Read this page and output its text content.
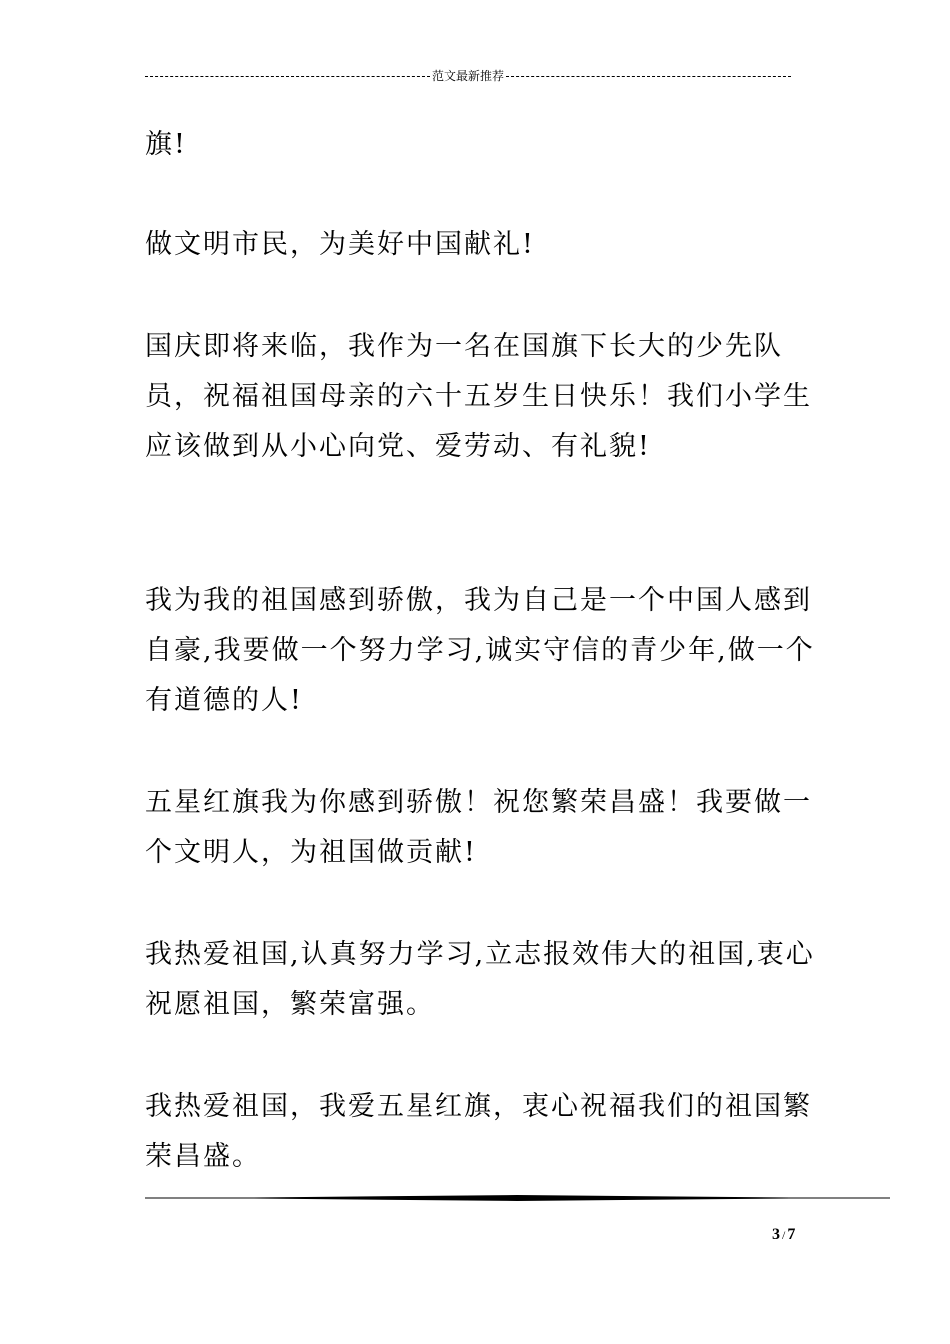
范文最新推荐

旗!

做文明市民，为美好中国献礼!

国庆即将来临，我作为一名在国旗下长大的少先队员，祝福祖国母亲的六十五岁生日快乐！我们小学生应该做到从小心向党、爱劳动、有礼貌!

我为我的祖国感到骄傲，我为自己是一个中国人感到自豪,我要做一个努力学习,诚实守信的青少年,做一个有道德的人!

五星红旗我为你感到骄傲！祝您繁荣昌盛！我要做一个文明人，为祖国做贡献!

我热爱祖国,认真努力学习,立志报效伟大的祖国,衷心祝愿祖国，繁荣富强。

我热爱祖国，我爱五星红旗，衷心祝福我们的祖国繁荣昌盛。

3 / 7
